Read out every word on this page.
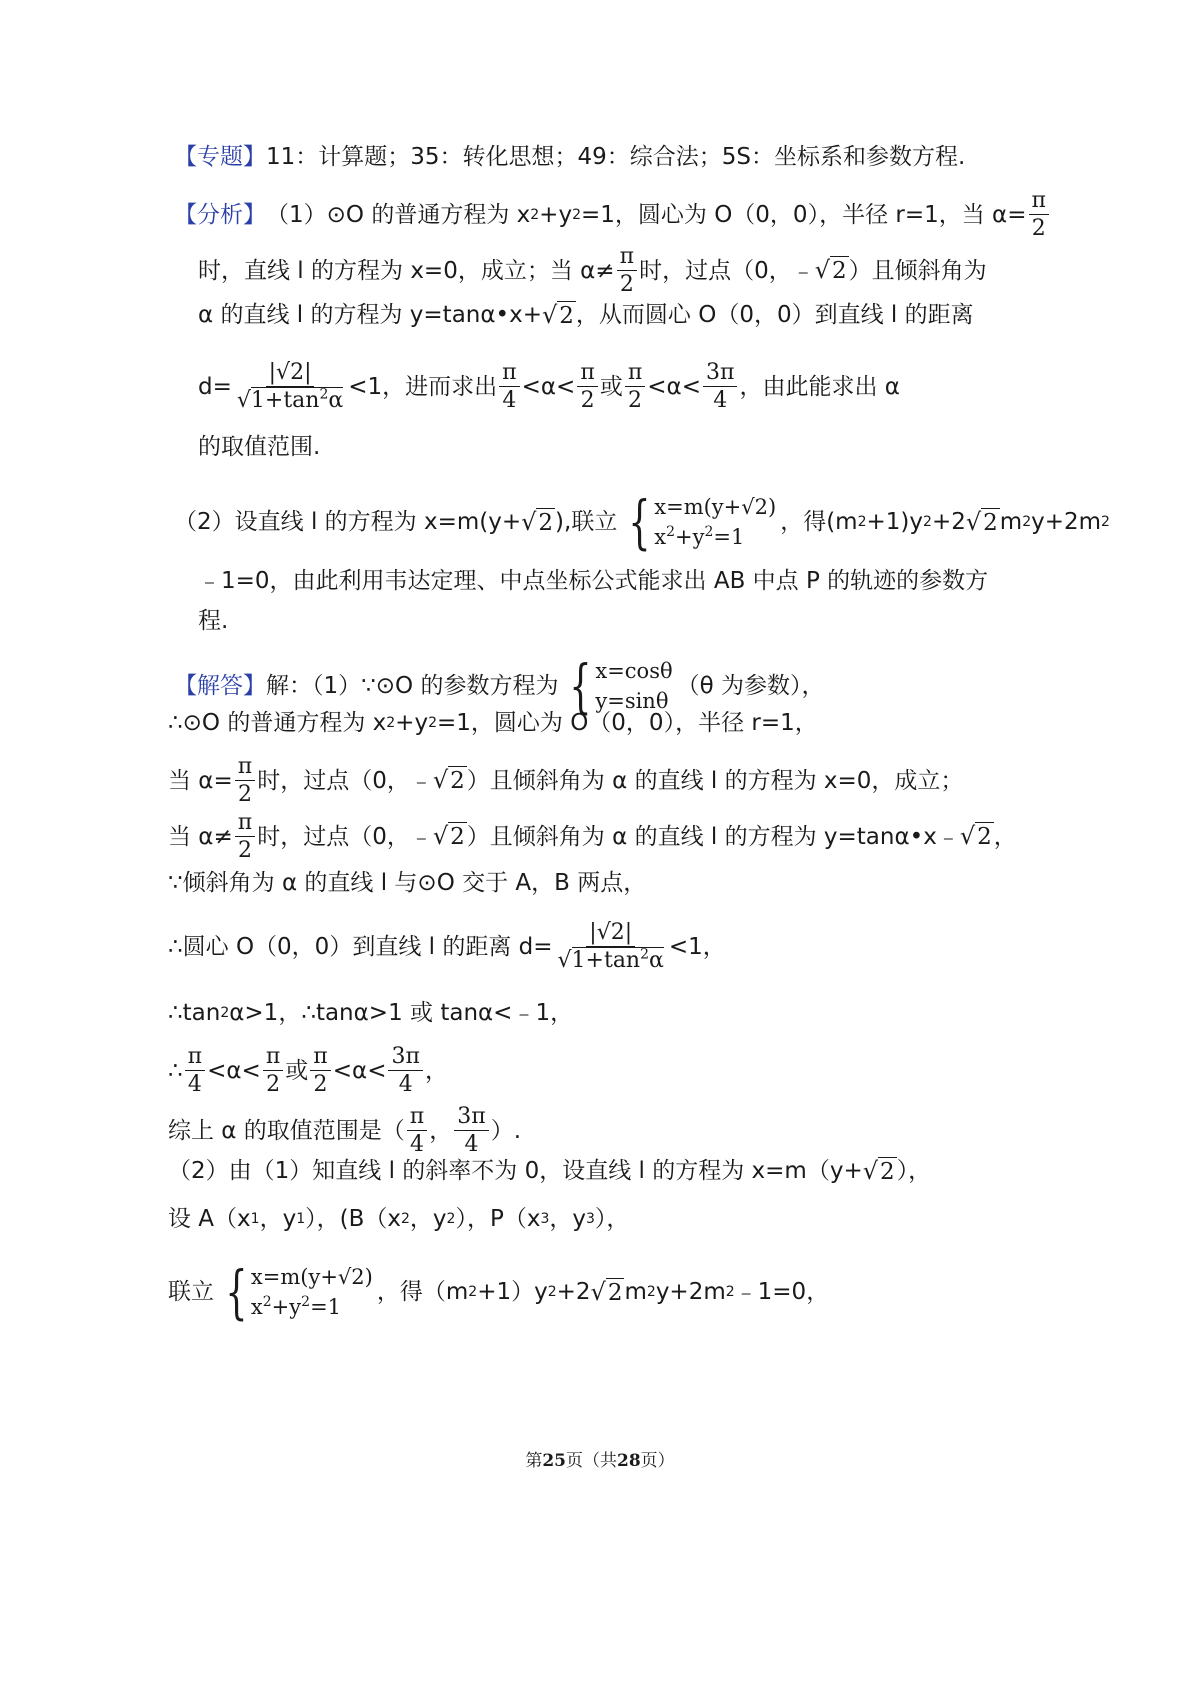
【专题】 11：计算题；35：转化思想；49：综合法；5S：坐标系和参数方程.
【分析】 （1）⊙O 的普通方程为 x 2 +y 2 =1，圆心为 O（0，0），半径 r=1，当 $\alpha= \frac{\pi}{2}$
时，直线 l 的方程为 x=0，成立；当 $\alpha\ne \frac{\pi}{2}$ 时，过点（0，﹣ √ 2 ）且倾斜角为
α 的直线 l 的方程为 y=tanα•x+ √ 2 ，从而圆心 O（0，0）到直线 l 的距离
$d= \frac{|√2|}{√1+\tan^2\alpha} <1$，进而求出 $\frac{\pi}{4} <\alpha< \frac{\pi}{2}$ 或 $\frac{\pi}{2} <\alpha< \frac{3\pi}{4}$ ，由此能求出 α
的取值范围.
（2）设直线 l 的方程为 x=m(y+ √ 2 ),联立 { x=m(y+√2)
$x^2+y^2=1$
，得(m 2 +1)y 2 +2 √ 2 m 2 y+2m 2
﹣1=0，由此利用韦达定理、中点坐标公式能求出 AB 中点 P 的轨迹的参数方
程.
【解答】 解：（1）∵⊙O 的参数方程为 { x=cosθ
y=sinθ
（θ 为参数），
∴⊙O 的普通方程为 x 2 +y 2 =1，圆心为 O（0，0），半径 r=1，
当 $\alpha= \frac{\pi}{2}$ 时，过点（0，﹣ √ 2 ）且倾斜角为 α 的直线 l 的方程为 x=0，成立；
当 $\alpha\ne \frac{\pi}{2}$ 时，过点（0，﹣ √ 2 ）且倾斜角为 α 的直线 l 的方程为 y=tanα•x﹣ √ 2 ，
∵倾斜角为 α 的直线 l 与⊙O 交于 A，B 两点，
∴圆心 O（0，0）到直线 l 的距离 $d= \frac{|√2|}{√1+\tan^2\alpha} <1$，
∴tan 2 α>1，∴tanα>1 或 tanα<﹣1，
∴ $\frac{\pi}{4} <\alpha< \frac{\pi}{2}$ 或 $\frac{\pi}{2} <\alpha< \frac{3\pi}{4}$ ，
综上 α 的取值范围是（ $\frac{\pi}{4}$ ， $\frac{3\pi}{4}$ ）.
（2）由（1）知直线 l 的斜率不为 0，设直线 l 的方程为 x=m（y+ √ 2 ），
设 A（x 1 ，y 1 ），(B（x 2 ，y 2 ），P（x 3 ，y 3 ），
联立 { x=m(y+√2)
$x^2+y^2=1$
，得（m 2 +1）y 2 +2 √ 2 m 2 y+2m 2 ﹣1=0，
第25页（共28页）
